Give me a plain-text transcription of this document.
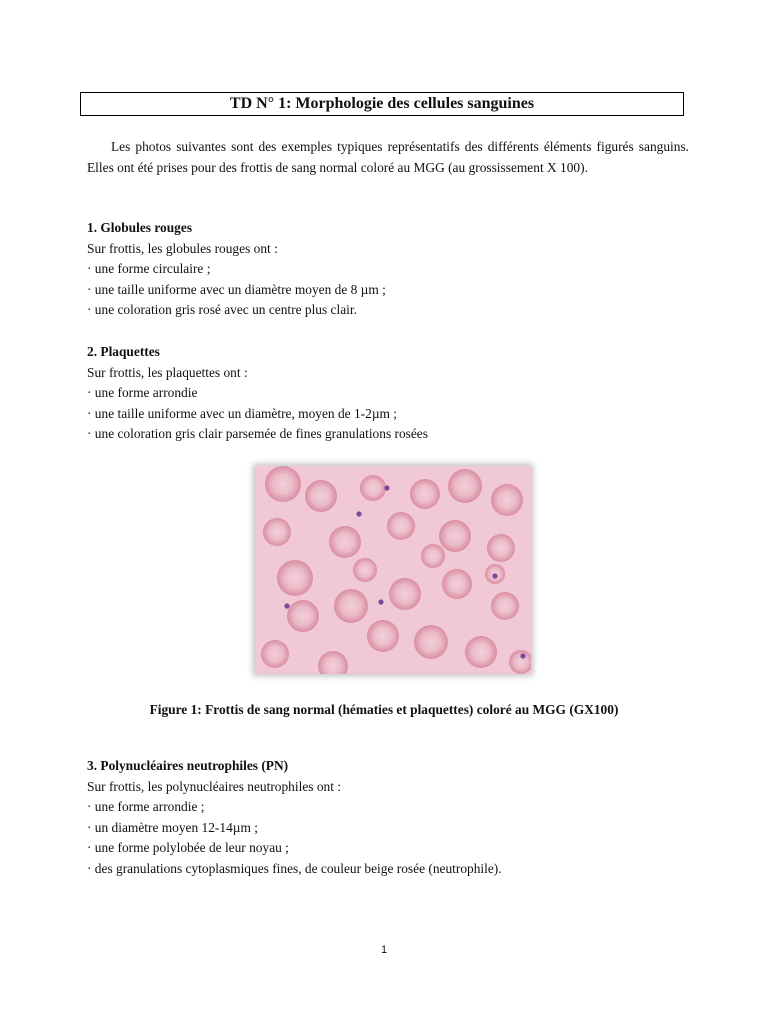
TD N° 1: Morphologie des cellules sanguines

Les photos suivantes sont des exemples typiques représentatifs des différents éléments figurés sanguins. Elles ont été prises pour des frottis de sang normal coloré au MGG (au grossissement X 100).

1. Globules rouges

Sur frottis, les globules rouges ont :

· une forme circulaire ;
· une taille uniforme avec un diamètre moyen de 8 µm ;
· une coloration gris rosé avec un centre plus clair.
2. Plaquettes

Sur frottis, les plaquettes ont :

· une forme arrondie
· une taille uniforme avec un diamètre, moyen de 1-2µm ;
· une coloration gris clair parsemée de fines granulations rosées
Figure 1: Frottis de sang normal (hématies et plaquettes) coloré au MGG (GX100)
3. Polynucléaires neutrophiles (PN)

Sur frottis, les polynucléaires neutrophiles ont :

· une forme arrondie ;
· un diamètre moyen 12-14µm ;
· une forme polylobée de leur noyau ;
· des granulations cytoplasmiques fines, de couleur beige rosée (neutrophile).
1
